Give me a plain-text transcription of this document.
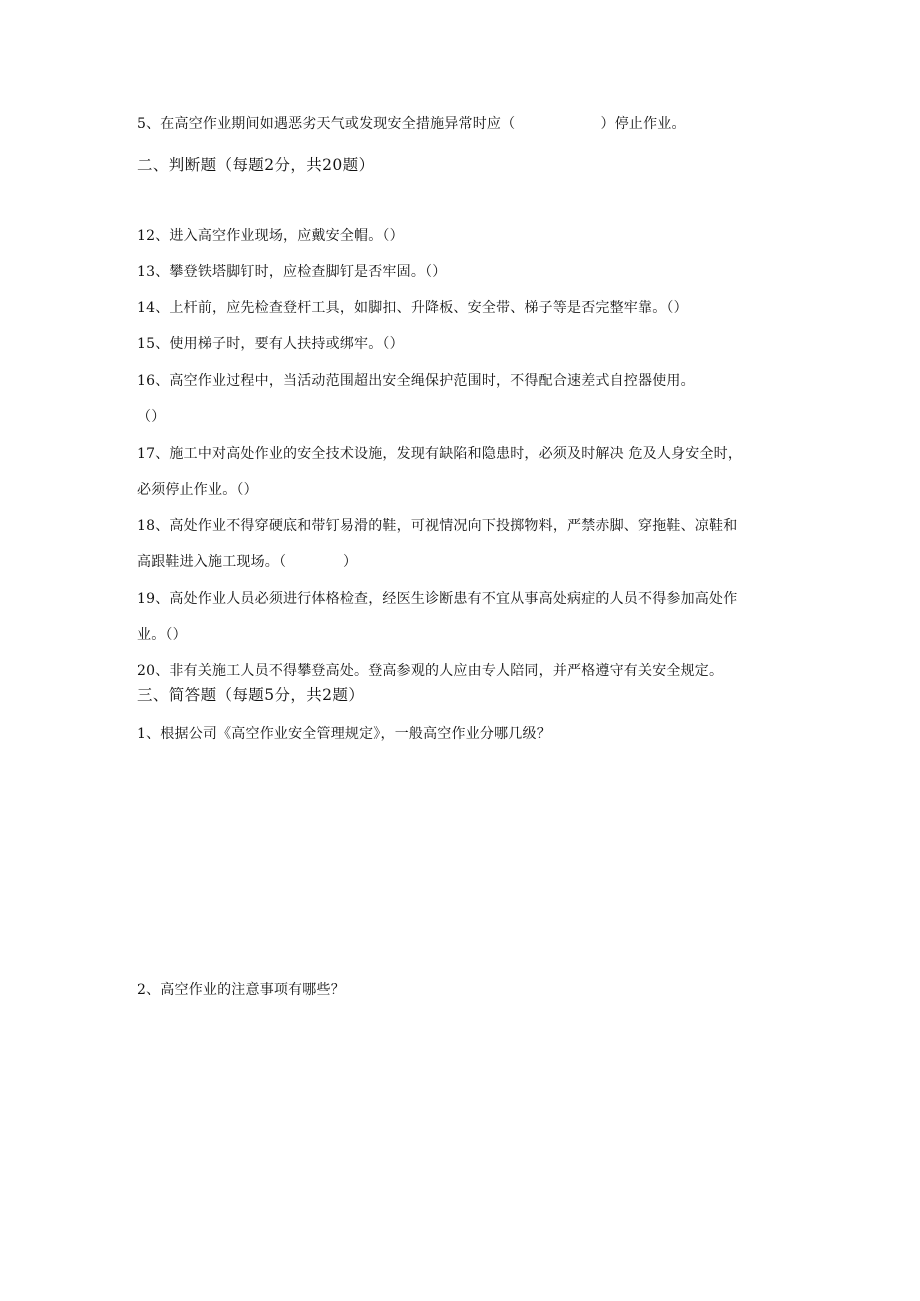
5、在高空作业期间如遇恶劣天气或发现安全措施异常时应（　　　　　　）停止作业。
二、判断题（每题2分，共20题）
12、进入高空作业现场，应戴安全帽。（）
13、攀登铁塔脚钉时，应检查脚钉是否牢固。（）
14、上杆前，应先检查登杆工具，如脚扣、升降板、安全带、梯子等是否完整牢靠。（）
15、使用梯子时，要有人扶持或绑牢。（）
16、高空作业过程中，当活动范围超出安全绳保护范围时，不得配合速差式自控器使用。
（）
17、施工中对高处作业的安全技术设施，发现有缺陷和隐患时，必须及时解决 危及人身安全时，
必须停止作业。（）
18、高处作业不得穿硬底和带钉易滑的鞋，可视情况向下投掷物料，严禁赤脚、穿拖鞋、凉鞋和
高跟鞋进入施工现场。（　　　　）
19、高处作业人员必须进行体格检查，经医生诊断患有不宜从事高处病症的人员不得参加高处作
业。（）
20、非有关施工人员不得攀登高处。登高参观的人应由专人陪同，并严格遵守有关安全规定。
三、简答题（每题5分，共2题）
1、根据公司《高空作业安全管理规定》，一般高空作业分哪几级？
2、高空作业的注意事项有哪些？
